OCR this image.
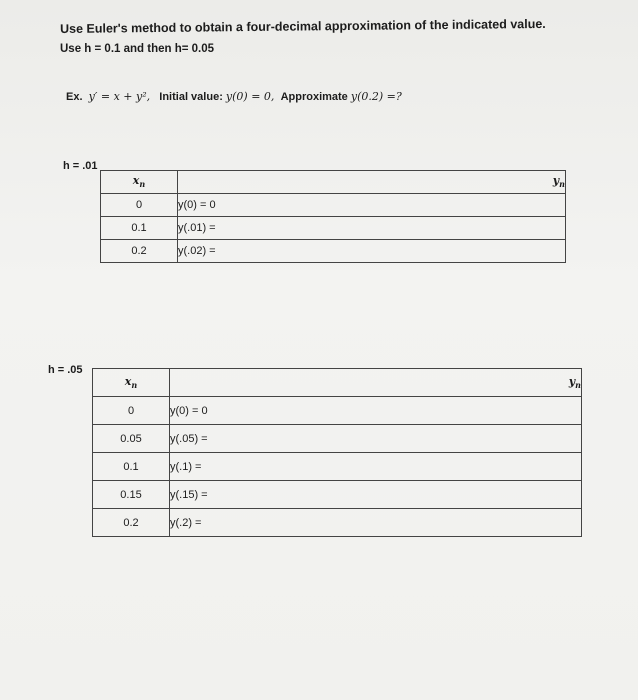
Use Euler's method to obtain a four-decimal approximation of the indicated value.
Use h = 0.1 and then h= 0.05
Ex. y′ = x + y², Initial value: y(0) = 0, Approximate y(0.2) =?
h = .01
$x_n$	$y_n$
0	y(0) = 0
0.1	y(.01) =
0.2	y(.02) =
h = .05
$x_n$	$y_n$
0	y(0) = 0
0.05	y(.05) =
0.1	y(.1) =
0.15	y(.15) =
0.2	y(.2) =
